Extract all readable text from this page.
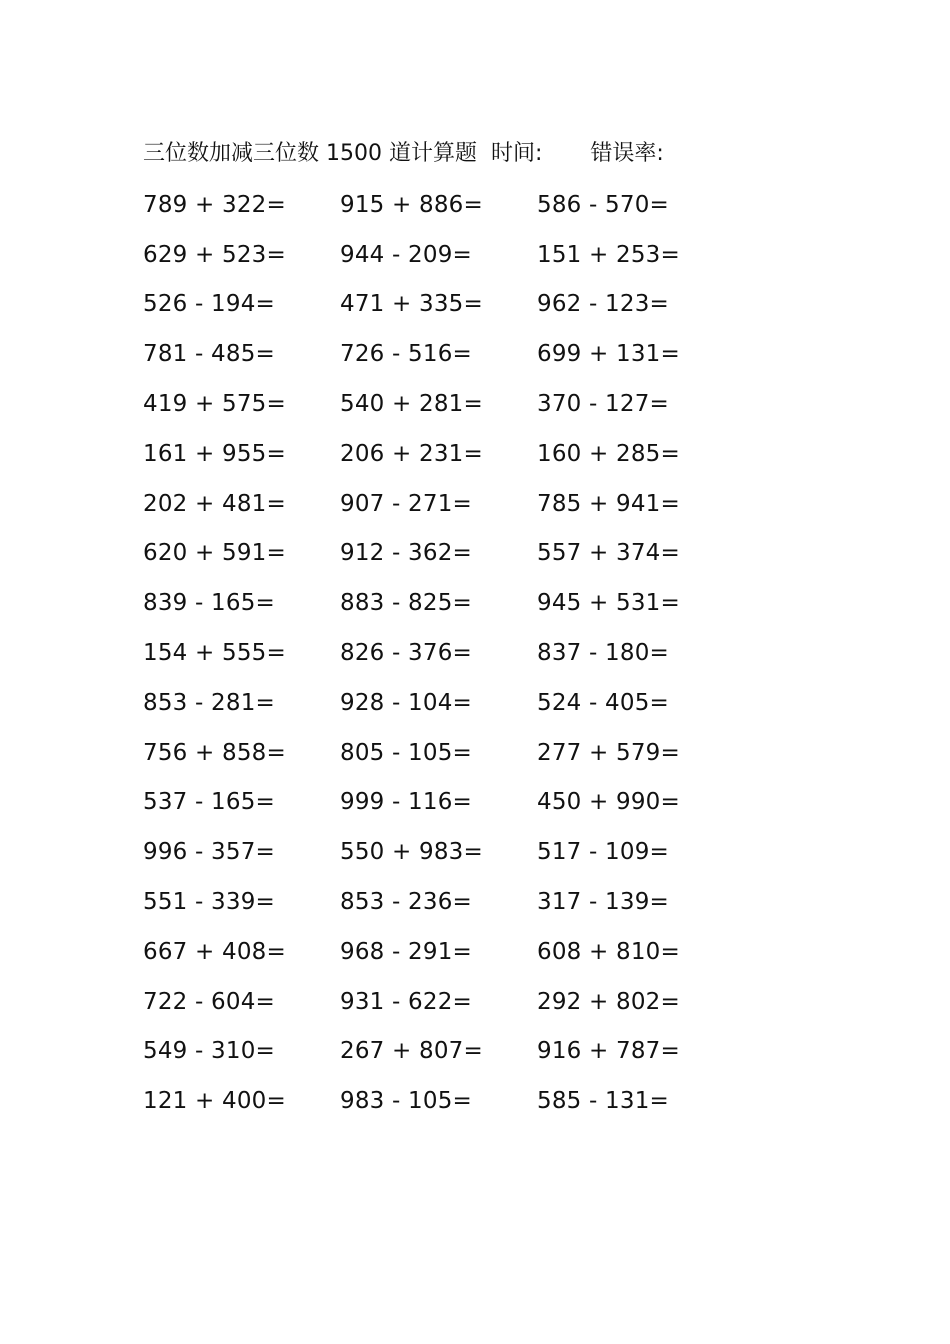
三位数加减三位数 1500 道计算题 时间: 错误率:
789 + 322=	915 + 886=	586 - 570=
629 + 523=	944 - 209=	151 + 253=
526 - 194=	471 + 335=	962 - 123=
781 - 485=	726 - 516=	699 + 131=
419 + 575=	540 + 281=	370 - 127=
161 + 955=	206 + 231=	160 + 285=
202 + 481=	907 - 271=	785 + 941=
620 + 591=	912 - 362=	557 + 374=
839 - 165=	883 - 825=	945 + 531=
154 + 555=	826 - 376=	837 - 180=
853 - 281=	928 - 104=	524 - 405=
756 + 858=	805 - 105=	277 + 579=
537 - 165=	999 - 116=	450 + 990=
996 - 357=	550 + 983=	517 - 109=
551 - 339=	853 - 236=	317 - 139=
667 + 408=	968 - 291=	608 + 810=
722 - 604=	931 - 622=	292 + 802=
549 - 310=	267 + 807=	916 + 787=
121 + 400=	983 - 105=	585 - 131=
